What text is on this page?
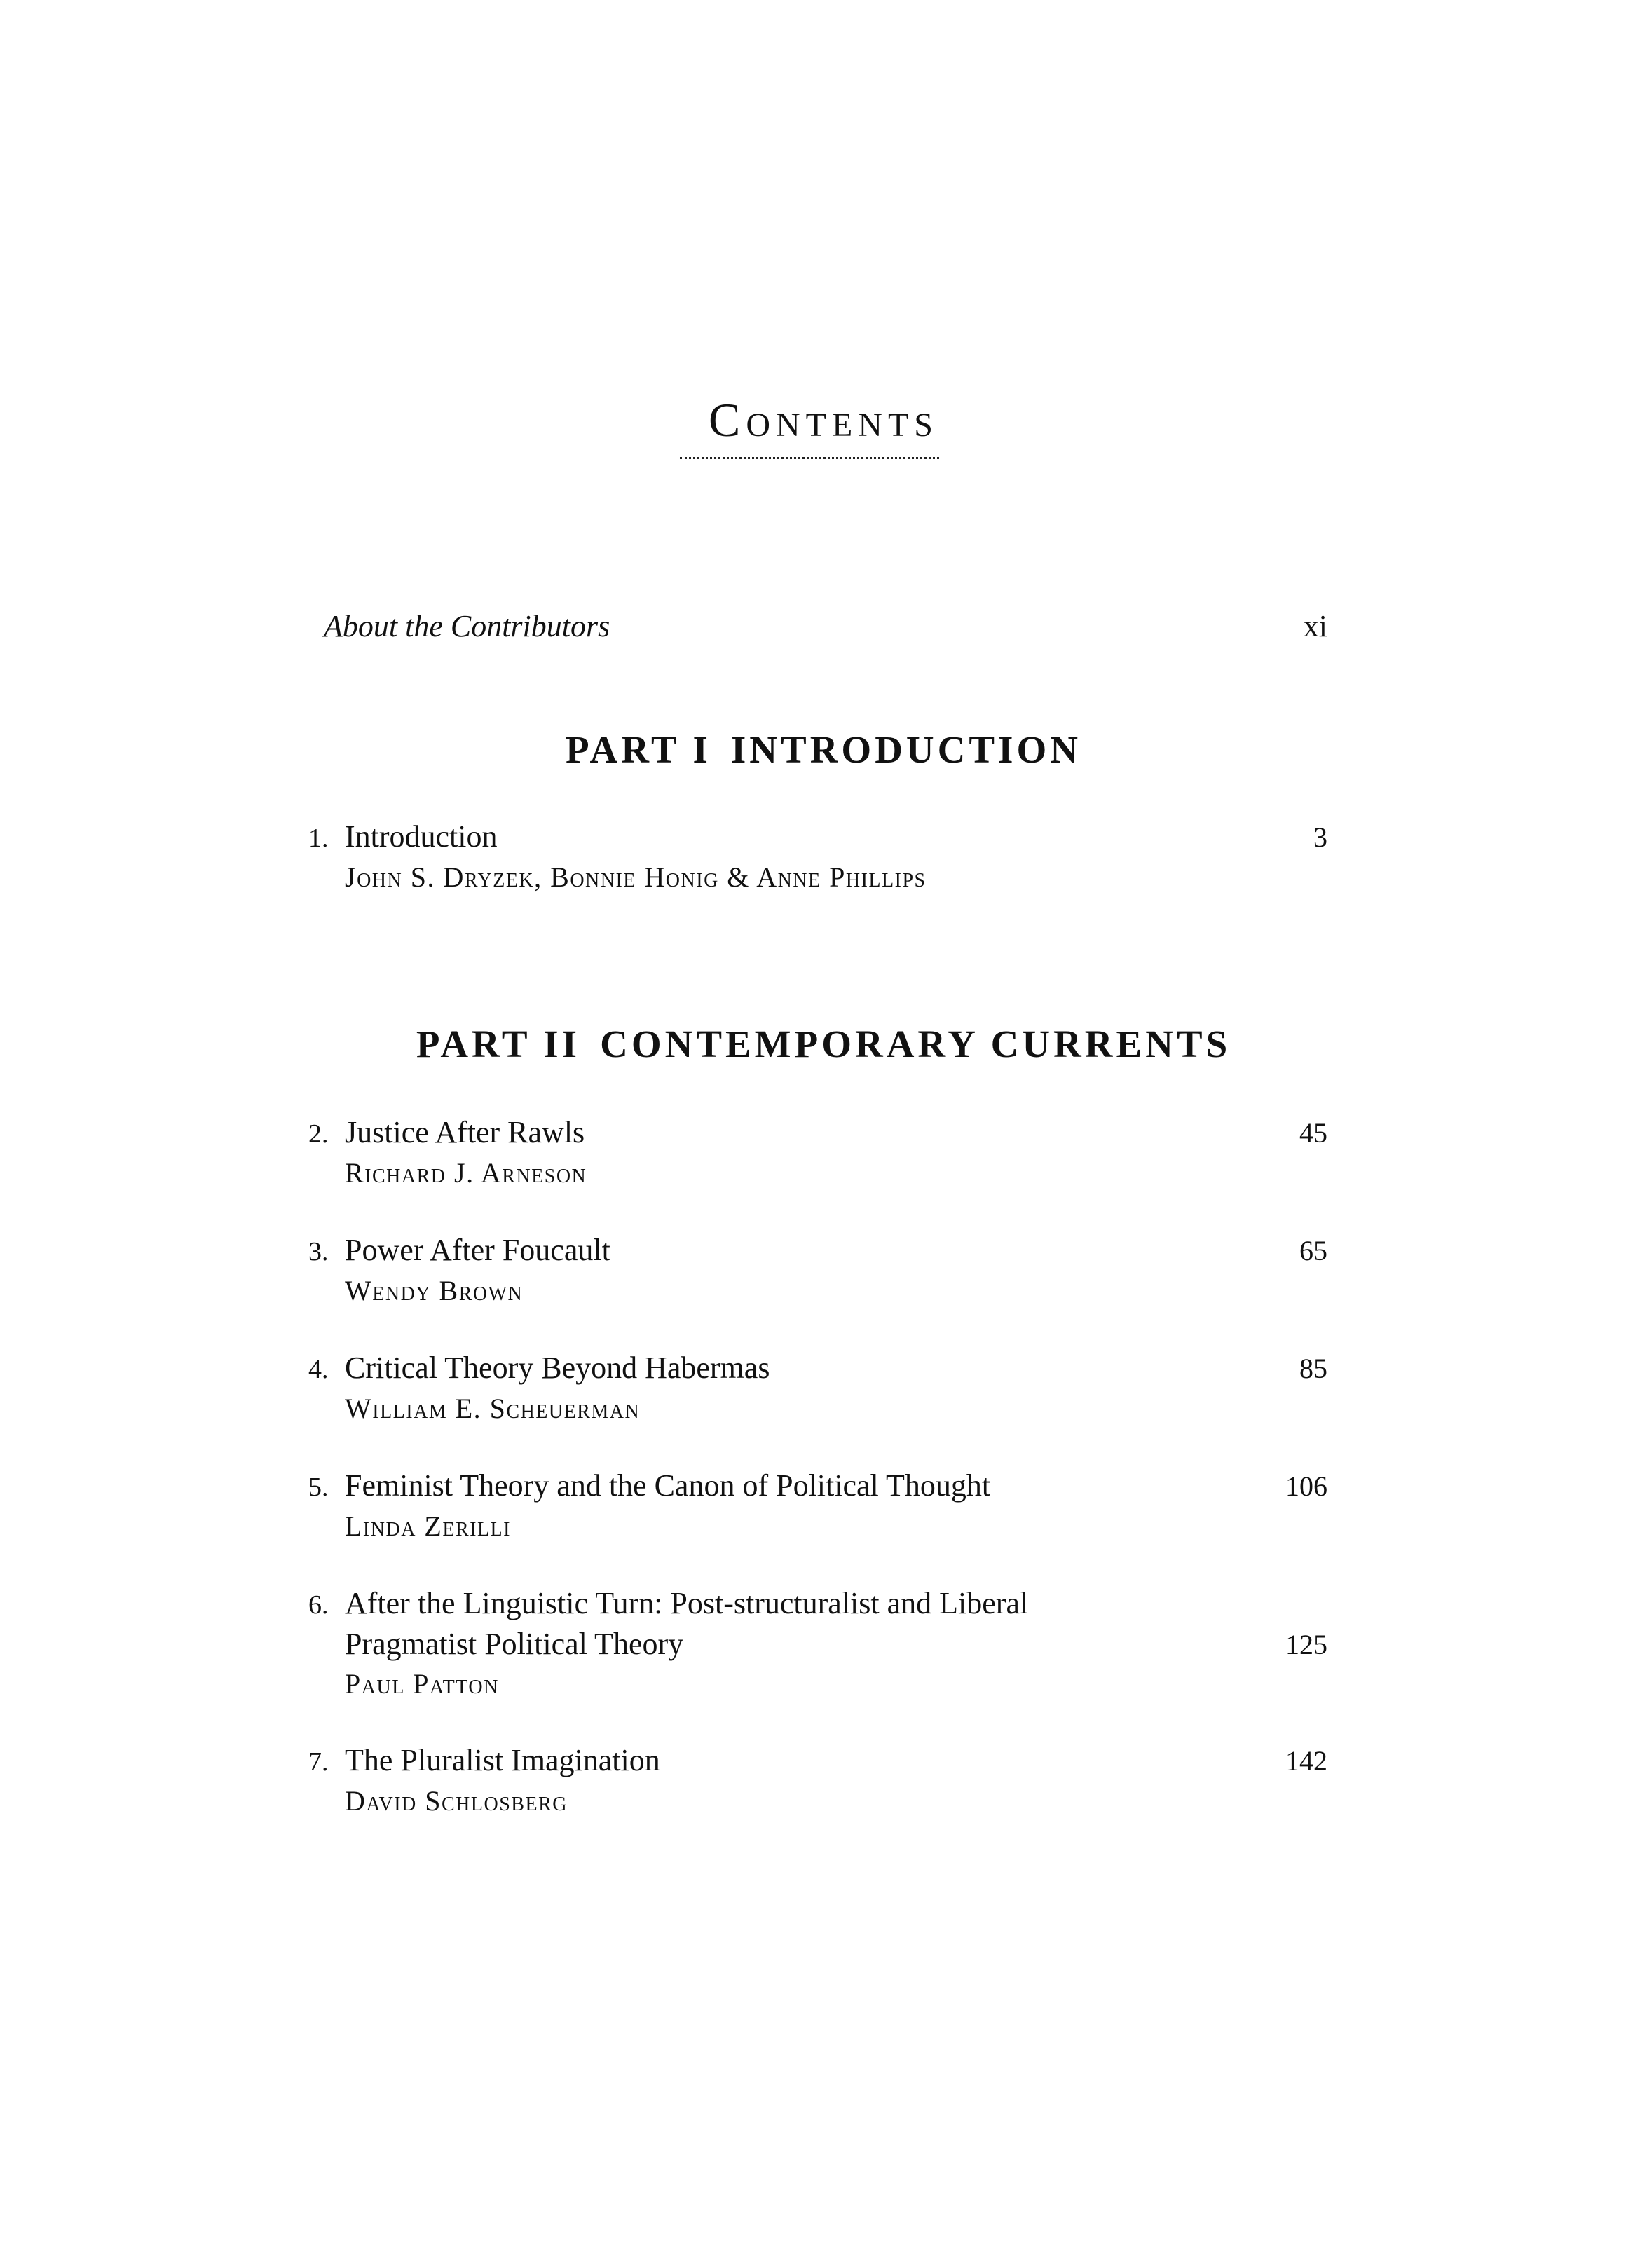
Contents
About the Contributors	xi
PART I INTRODUCTION
1. Introduction	3
John S. Dryzek, Bonnie Honig & Anne Phillips
PART II CONTEMPORARY CURRENTS
2. Justice After Rawls	45
Richard J. Arneson
3. Power After Foucault	65
Wendy Brown
4. Critical Theory Beyond Habermas	85
William E. Scheuerman
5. Feminist Theory and the Canon of Political Thought	106
Linda Zerilli
6. After the Linguistic Turn: Post-structuralist and Liberal
Pragmatist Political Theory	125
Paul Patton
7. The Pluralist Imagination	142
David Schlosberg
